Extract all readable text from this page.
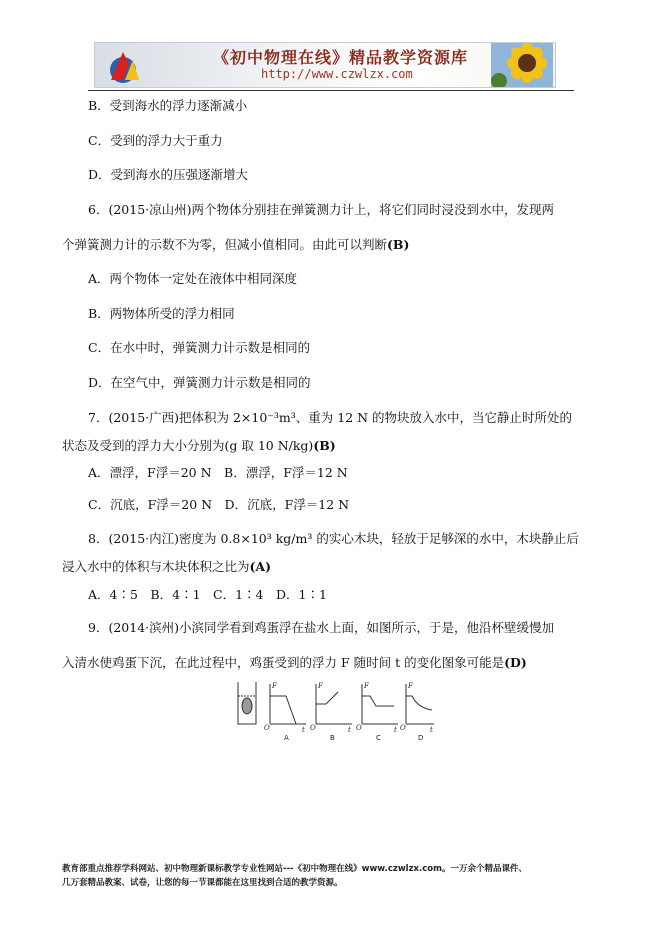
《初中物理在线》精品教学资源库
http://www.czwlzx.com
B．受到海水的浮力逐渐减小
C．受到的浮力大于重力
D．受到海水的压强逐渐增大
6．(2015·凉山州)两个物体分别挂在弹簧测力计上，将它们同时浸没到水中，发现两
个弹簧测力计的示数不为零，但减小值相同。由此可以判断(B)
A．两个物体一定处在液体中相同深度
B．两物体所受的浮力相同
C．在水中时，弹簧测力计示数是相同的
D．在空气中，弹簧测力计示数是相同的
7．(2015·广西)把体积为 2×10⁻³m³、重为 12 N 的物块放入水中，当它静止时所处的
状态及受到的浮力大小分别为(g 取 10 N/kg)(B)
A．漂浮，F浮＝20 N　B．漂浮，F浮＝12 N
C．沉底，F浮＝20 N　D．沉底，F浮＝12 N
8．(2015·内江)密度为 0.8×10³ kg/m³ 的实心木块，轻放于足够深的水中，木块静止后
浸入水中的体积与木块体积之比为(A)
A．4∶5　B．4∶1　C．1∶4　D．1∶1
9．(2014·滨州)小滨同学看到鸡蛋浮在盐水上面，如图所示，于是，他沿杯壁缓慢加
入清水使鸡蛋下沉，在此过程中，鸡蛋受到的浮力 F 随时间 t 的变化图象可能是(D)
F	F	F	F
t	t	t	t
O	O	O	O
A	B	C	D
教育部重点推荐学科网站、初中物理新课标教学专业性网站---《初中物理在线》www.czwlzx.com。一万余个精品课件、
几万套精品教案、试卷，让您的每一节课都能在这里找到合适的教学资源。
